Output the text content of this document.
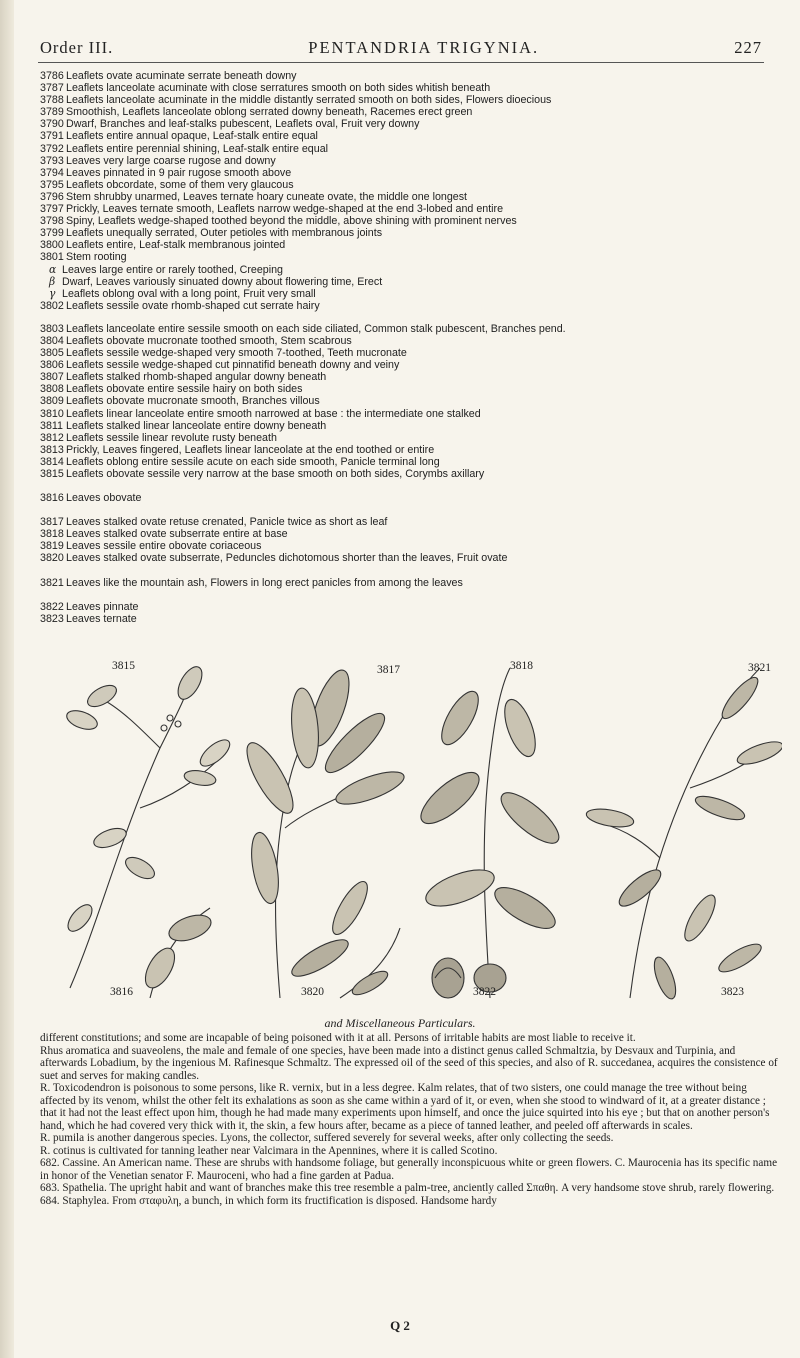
Order III.	PENTANDRIA TRIGYNIA.	227
3786 Leaflets ovate acuminate serrate beneath downy
3787 Leaflets lanceolate acuminate with close serratures smooth on both sides whitish beneath
3788 Leaflets lanceolate acuminate in the middle distantly serrated smooth on both sides, Flowers dioecious
3789 Smoothish, Leaflets lanceolate oblong serrated downy beneath, Racemes erect green
3790 Dwarf, Branches and leaf-stalks pubescent, Leaflets oval, Fruit very downy
3791 Leaflets entire annual opaque, Leaf-stalk entire equal
3792 Leaflets entire perennial shining, Leaf-stalk entire equal
3793 Leaves very large coarse rugose and downy
3794 Leaves pinnated in 9 pair rugose smooth above
3795 Leaflets obcordate, some of them very glaucous
3796 Stem shrubby unarmed, Leaves ternate hoary cuneate ovate, the middle one longest
3797 Prickly, Leaves ternate smooth, Leaflets narrow wedge-shaped at the end 3-lobed and entire
3798 Spiny, Leaflets wedge-shaped toothed beyond the middle, above shining with prominent nerves
3799 Leaflets unequally serrated, Outer petioles with membranous joints
3800 Leaflets entire, Leaf-stalk membranous jointed
3801 Stem rooting
α Leaves large entire or rarely toothed, Creeping
β Dwarf, Leaves variously sinuated downy about flowering time, Erect
γ Leaflets oblong oval with a long point, Fruit very small
3802 Leaflets sessile ovate rhomb-shaped cut serrate hairy
3803 Leaflets lanceolate entire sessile smooth on each side ciliated, Common stalk pubescent, Branches pend.
3804 Leaflets obovate mucronate toothed smooth, Stem scabrous
3805 Leaflets sessile wedge-shaped very smooth 7-toothed, Teeth mucronate
3806 Leaflets sessile wedge-shaped cut pinnatifid beneath downy and veiny
3807 Leaflets stalked rhomb-shaped angular downy beneath
3808 Leaflets obovate entire sessile hairy on both sides
3809 Leaflets obovate mucronate smooth, Branches villous
3810 Leaflets linear lanceolate entire smooth narrowed at base : the intermediate one stalked
3811 Leaflets stalked linear lanceolate entire downy beneath
3812 Leaflets sessile linear revolute rusty beneath
3813 Prickly, Leaves fingered, Leaflets linear lanceolate at the end toothed or entire
3814 Leaflets oblong entire sessile acute on each side smooth, Panicle terminal long
3815 Leaflets obovate sessile very narrow at the base smooth on both sides, Corymbs axillary
3816 Leaves obovate
3817 Leaves stalked ovate retuse crenated, Panicle twice as short as leaf
3818 Leaves stalked ovate subserrate entire at base
3819 Leaves sessile entire obovate coriaceous
3820 Leaves stalked ovate subserrate, Peduncles dichotomous shorter than the leaves, Fruit ovate
3821 Leaves like the mountain ash, Flowers in long erect panicles from among the leaves
3822 Leaves pinnate
3823 Leaves ternate
3815	3817	3818	3821
3816	3820	3822	3823
and Miscellaneous Particulars.

different constitutions; and some are incapable of being poisoned with it at all. Persons of irritable habits are most liable to receive it.

Rhus aromatica and suaveolens, the male and female of one species, have been made into a distinct genus called Schmaltzia, by Desvaux and Turpinia, and afterwards Lobadium, by the ingenious M. Rafinesque Schmaltz. The expressed oil of the seed of this species, and also of R. succedanea, acquires the consistence of suet and serves for making candles.

R. Toxicodendron is poisonous to some persons, like R. vernix, but in a less degree. Kalm relates, that of two sisters, one could manage the tree without being affected by its venom, whilst the other felt its exhalations as soon as she came within a yard of it, or even, when she stood to windward of it, at a greater distance ; that it had not the least effect upon him, though he had made many experiments upon himself, and once the juice squirted into his eye ; but that on another person's hand, which he had covered very thick with it, the skin, a few hours after, became as a piece of tanned leather, and peeled off afterwards in scales.

R. pumila is another dangerous species. Lyons, the collector, suffered severely for several weeks, after only collecting the seeds.

R. cotinus is cultivated for tanning leather near Valcimara in the Apennines, where it is called Scotino.

682. Cassine. An American name. These are shrubs with handsome foliage, but generally inconspicuous white or green flowers. C. Maurocenia has its specific name in honor of the Venetian senator F. Mauroceni, who had a fine garden at Padua.

683. Spathelia. The upright habit and want of branches make this tree resemble a palm-tree, anciently called Σπαθη. A very handsome stove shrub, rarely flowering.

684. Staphylea. From σταφυλη, a bunch, in which form its fructification is disposed. Handsome hardy

Q 2
